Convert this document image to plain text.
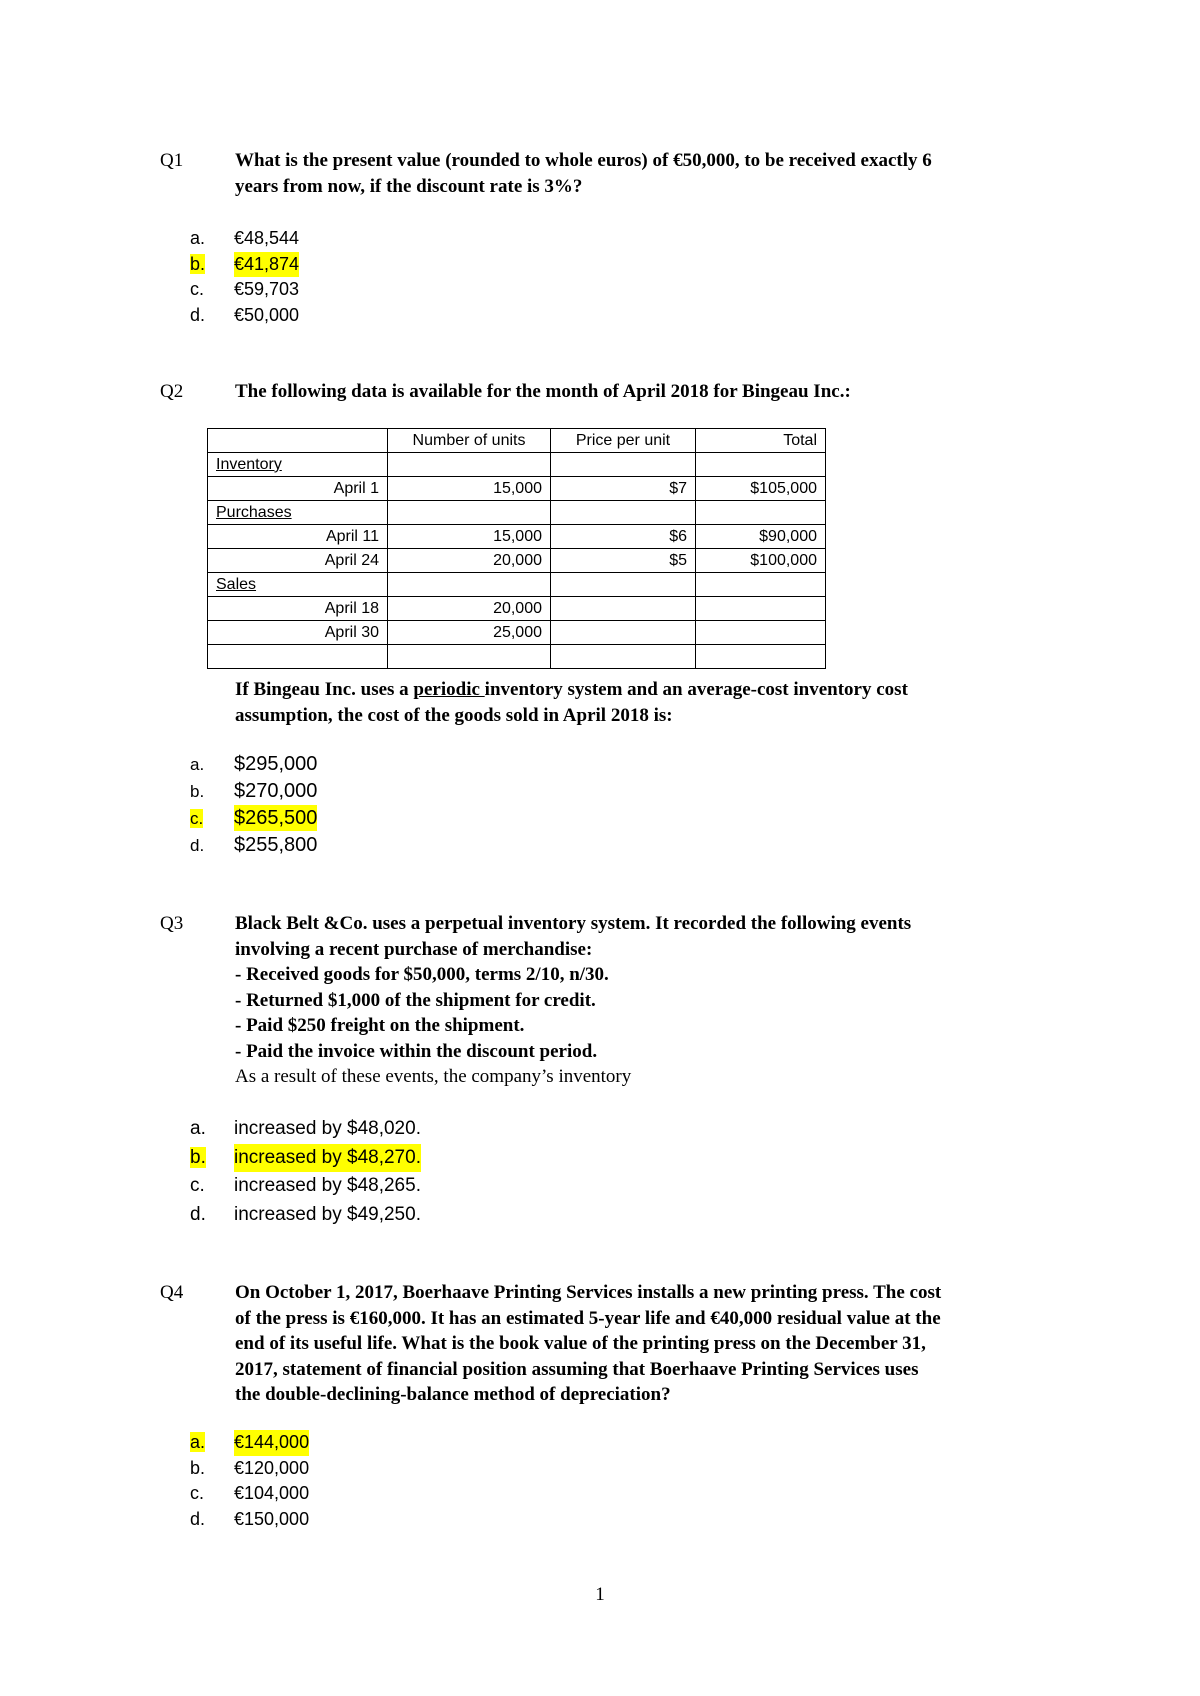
Q1	What is the present value (rounded to whole euros) of €50,000, to be received exactly 6
years from now, if the discount rate is 3%?
a. €48,544
b. €41,874
c. €59,703
d. €50,000
Q2	The following data is available for the month of April 2018 for Bingeau Inc.:
	Number of units	Price per unit	Total
Inventory			
April 1	15,000	$7	$105,000
Purchases			
April 11	15,000	$6	$90,000
April 24	20,000	$5	$100,000
Sales			
April 18	20,000		
April 30	25,000		

If Bingeau Inc. uses a periodic inventory system and an average-cost inventory cost
assumption, the cost of the goods sold in April 2018 is:
a. $295,000
b. $270,000
c. $265,500
d. $255,800
Q3	Black Belt &Co. uses a perpetual inventory system. It recorded the following events
involving a recent purchase of merchandise:
- Received goods for $50,000, terms 2/10, n/30.
- Returned $1,000 of the shipment for credit.
- Paid $250 freight on the shipment.
- Paid the invoice within the discount period.
As a result of these events, the company’s inventory
a. increased by $48,020.
b. increased by $48,270.
c. increased by $48,265.
d. increased by $49,250.
Q4	On October 1, 2017, Boerhaave Printing Services installs a new printing press. The cost
of the press is €160,000. It has an estimated 5-year life and €40,000 residual value at the
end of its useful life. What is the book value of the printing press on the December 31,
2017, statement of financial position assuming that Boerhaave Printing Services uses
the double-declining-balance method of depreciation?
a. €144,000
b. €120,000
c. €104,000
d. €150,000
1
